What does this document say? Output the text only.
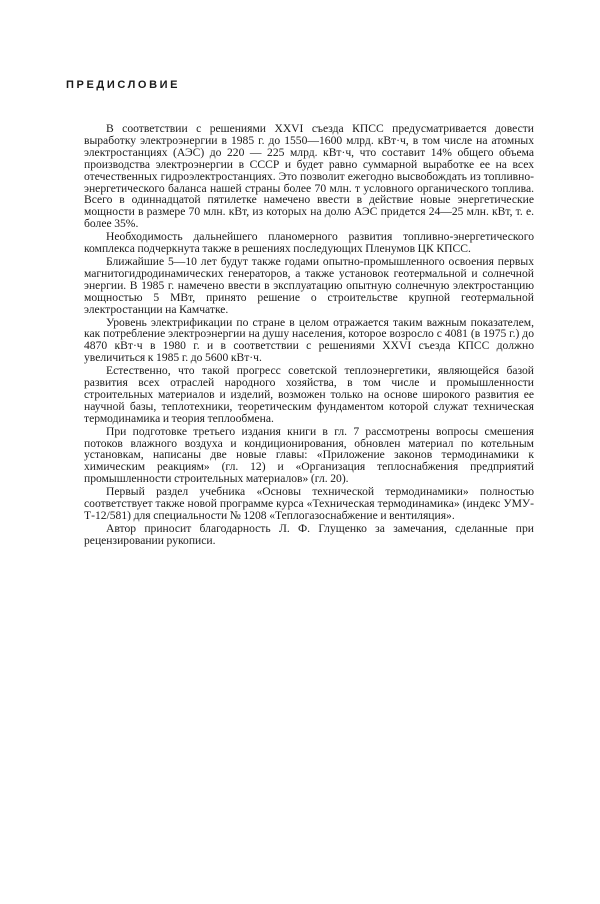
ПРЕДИСЛОВИЕ

В соответствии с решениями XXVI съезда КПСС предусматривается довести выработку электроэнергии в 1985 г. до 1550—1600 млрд. кВт·ч, в том числе на атомных электростанциях (АЭС) до 220 — 225 млрд. кВт·ч, что составит 14% общего объема производства электроэнергии в СССР и будет равно суммарной выработке ее на всех отечественных гидроэлектростанциях. Это позволит ежегодно высвобождать из топливно-энергетического баланса нашей страны более 70 млн. т условного органического топлива. Всего в одиннадцатой пятилетке намечено ввести в действие новые энергетические мощности в размере 70 млн. кВт, из которых на долю АЭС придется 24—25 млн. кВт, т. е. более 35%.

Необходимость дальнейшего планомерного развития топливно-энергетического комплекса подчеркнута также в решениях последующих Пленумов ЦК КПСС.

Ближайшие 5—10 лет будут также годами опытно-промышленного освоения первых магнитогидродинамических генераторов, а также установок геотермальной и солнечной энергии. В 1985 г. намечено ввести в эксплуатацию опытную солнечную электростанцию мощностью 5 МВт, принято решение о строительстве крупной геотермальной электростанции на Камчатке.

Уровень электрификации по стране в целом отражается таким важным показателем, как потребление электроэнергии на душу населения, которое возросло с 4081 (в 1975 г.) до 4870 кВт·ч в 1980 г. и в соответствии с решениями XXVI съезда КПСС должно увеличиться к 1985 г. до 5600 кВт·ч.

Естественно, что такой прогресс советской теплоэнергетики, являющейся базой развития всех отраслей народного хозяйства, в том числе и промышленности строительных материалов и изделий, возможен только на основе широкого развития ее научной базы, теплотехники, теоретическим фундаментом которой служат техническая термодинамика и теория теплообмена.

При подготовке третьего издания книги в гл. 7 рассмотрены вопросы смешения потоков влажного воздуха и кондиционирования, обновлен материал по котельным установкам, написаны две новые главы: «Приложение законов термодинамики к химическим реакциям» (гл. 12) и «Организация теплоснабжения предприятий промышленности строительных материалов» (гл. 20).

Первый раздел учебника «Основы технической термодинамики» полностью соответствует также новой программе курса «Техническая термодинамика» (индекс УМУ-Т-12/581) для специальности № 1208 «Теплогазоснабжение и вентиляция».

Автор приносит благодарность Л. Ф. Глущенко за замечания, сделанные при рецензировании рукописи.
